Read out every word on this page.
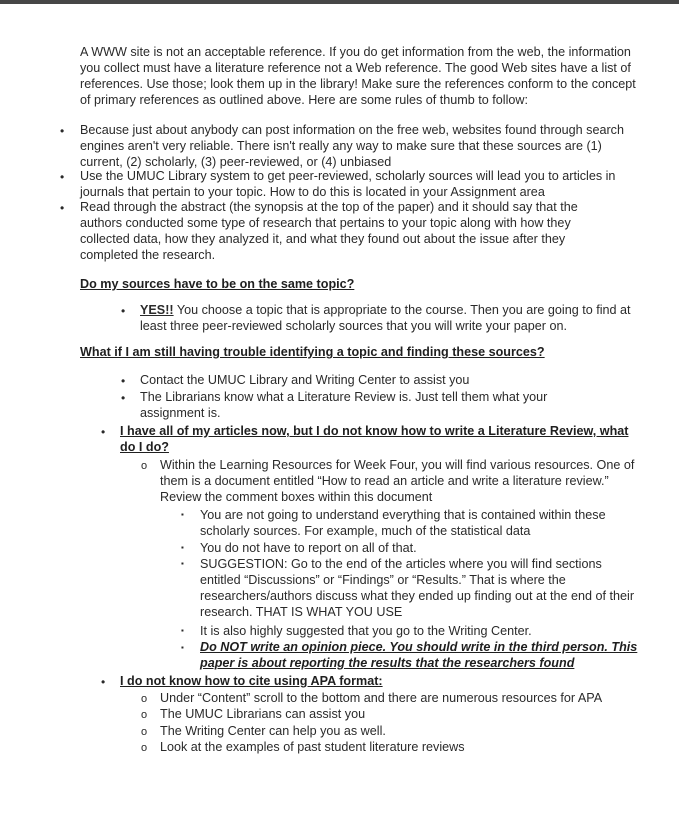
A WWW site is not an acceptable reference. If you do get information from the web, the information you collect must have a literature reference not a Web reference. The good Web sites have a list of references. Use those; look them up in the library! Make sure the references conform to the concept of primary references as outlined above. Here are some rules of thumb to follow:

• Because just about anybody can post information on the free web, websites found through search engines aren't very reliable. There isn't really any way to make sure that these sources are (1) current, (2) scholarly, (3) peer-reviewed, or (4) unbiased

• Use the UMUC Library system to get peer-reviewed, scholarly sources will lead you to articles in journals that pertain to your topic. How to do this is located in your Assignment area

• Read through the abstract (the synopsis at the top of the paper) and it should say that the authors conducted some type of research that pertains to your topic along with how they collected data, how they analyzed it, and what they found out about the issue after they completed the research.

Do my sources have to be on the same topic?

• YES!! You choose a topic that is appropriate to the course. Then you are going to find at least three peer-reviewed scholarly sources that you will write your paper on.

What if I am still having trouble identifying a topic and finding these sources?

• Contact the UMUC Library and Writing Center to assist you

• The Librarians know what a Literature Review is. Just tell them what your assignment is.

• I have all of my articles now, but I do not know how to write a Literature Review, what do I do?

o Within the Learning Resources for Week Four, you will find various resources. One of them is a document entitled “How to read an article and write a literature review.” Review the comment boxes within this document

▪ You are not going to understand everything that is contained within these scholarly sources. For example, much of the statistical data

▪ You do not have to report on all of that.

▪ SUGGESTION: Go to the end of the articles where you will find sections entitled “Discussions” or “Findings” or “Results.” That is where the researchers/authors discuss what they ended up finding out at the end of their research. THAT IS WHAT YOU USE

▪ It is also highly suggested that you go to the Writing Center.

▪ Do NOT write an opinion piece. You should write in the third person. This paper is about reporting the results that the researchers found

• I do not know how to cite using APA format:

o Under “Content” scroll to the bottom and there are numerous resources for APA

o The UMUC Librarians can assist you

o The Writing Center can help you as well.

o Look at the examples of past student literature reviews
